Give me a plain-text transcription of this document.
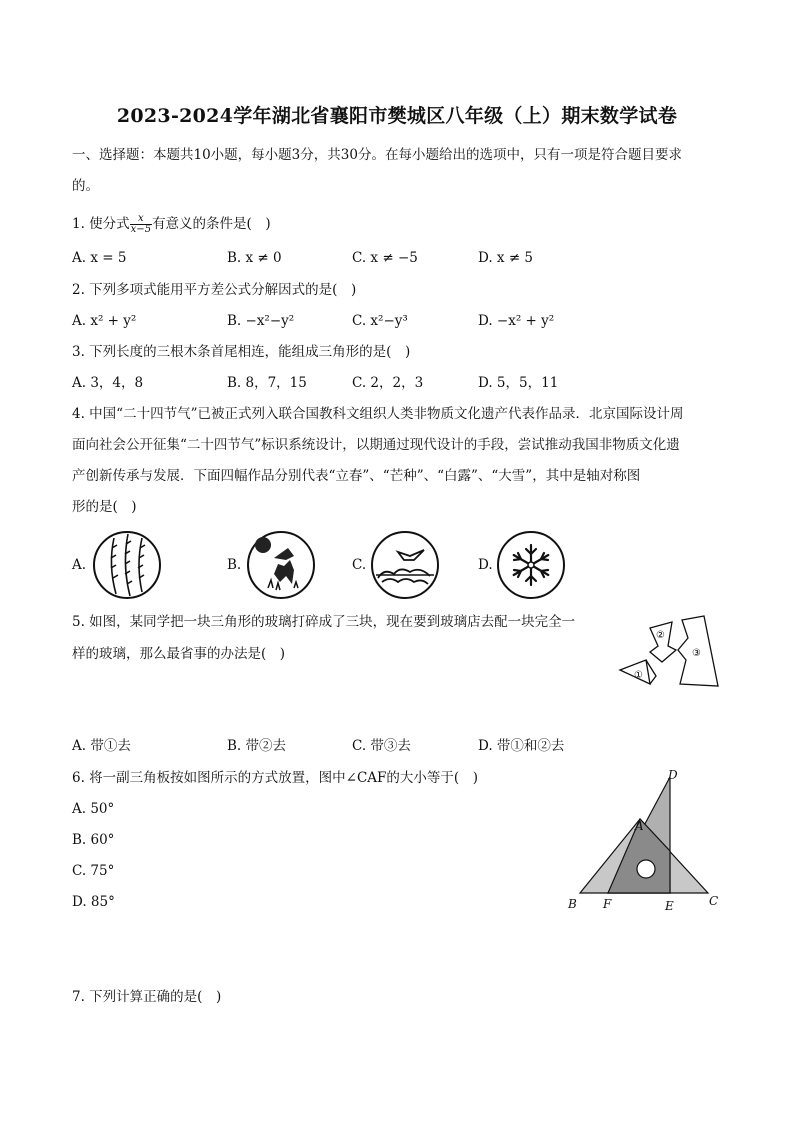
2023-2024学年湖北省襄阳市樊城区八年级（上）期末数学试卷
一、选择题：本题共10小题，每小题3分，共30分。在每小题给出的选项中，只有一项是符合题目要求
的。
1. 使分式 $\frac{x}{x-5}$ 有意义的条件是(　)
A. x = 5	B. x ≠ 0	C. x ≠ −5	D. x ≠ 5
2. 下列多项式能用平方差公式分解因式的是(　)
A. x² + y²	B. −x²−y²	C. x²−y³	D. −x² + y²
3. 下列长度的三根木条首尾相连，能组成三角形的是(　)
A. 3，4，8	B. 8，7，15	C. 2，2，3	D. 5，5，11
4. 中国“二十四节气”已被正式列入联合国教科文组织人类非物质文化遗产代表作品录．北京国际设计周
面向社会公开征集“二十四节气”标识系统设计，以期通过现代设计的手段，尝试推动我国非物质文化遗
产创新传承与发展．下面四幅作品分别代表“立春”、“芒种”、“白露”、“大雪”，其中是轴对称图
形的是(　)
A.	B.	C.	D.
5. 如图，某同学把一块三角形的玻璃打碎成了三块，现在要到玻璃店去配一块完全一
样的玻璃，那么最省事的办法是(　)
①
②
③
A. 带①去	B. 带②去	C. 带③去	D. 带①和②去
6. 将一副三角板按如图所示的方式放置，图中∠CAF的大小等于(　)
A. 50°
B. 60°
C. 75°
D. 85°
D
A
B F	E	C
7. 下列计算正确的是(　)
